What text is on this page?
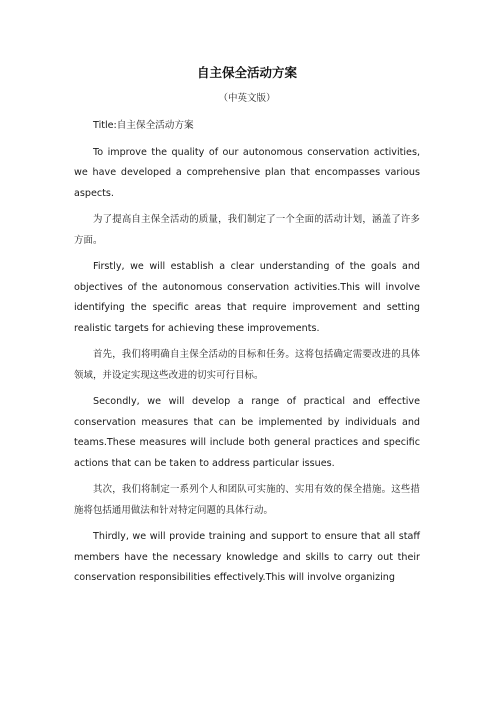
自主保全活动方案
（中英文版）

Title:自主保全活动方案

To improve the quality of our autonomous conservation activities, we have developed a comprehensive plan that encompasses various aspects.

为了提高自主保全活动的质量，我们制定了一个全面的活动计划，涵盖了许多方面。

Firstly, we will establish a clear understanding of the goals and objectives of the autonomous conservation activities.This will involve identifying the specific areas that require improvement and setting realistic targets for achieving these improvements.

首先，我们将明确自主保全活动的目标和任务。这将包括确定需要改进的具体领域，并设定实现这些改进的切实可行目标。

Secondly, we will develop a range of practical and effective conservation measures that can be implemented by individuals and teams.These measures will include both general practices and specific actions that can be taken to address particular issues.

其次，我们将制定一系列个人和团队可实施的、实用有效的保全措施。这些措施将包括通用做法和针对特定问题的具体行动。

Thirdly, we will provide training and support to ensure that all staff members have the necessary knowledge and skills to carry out their conservation responsibilities effectively.This will involve organizing
